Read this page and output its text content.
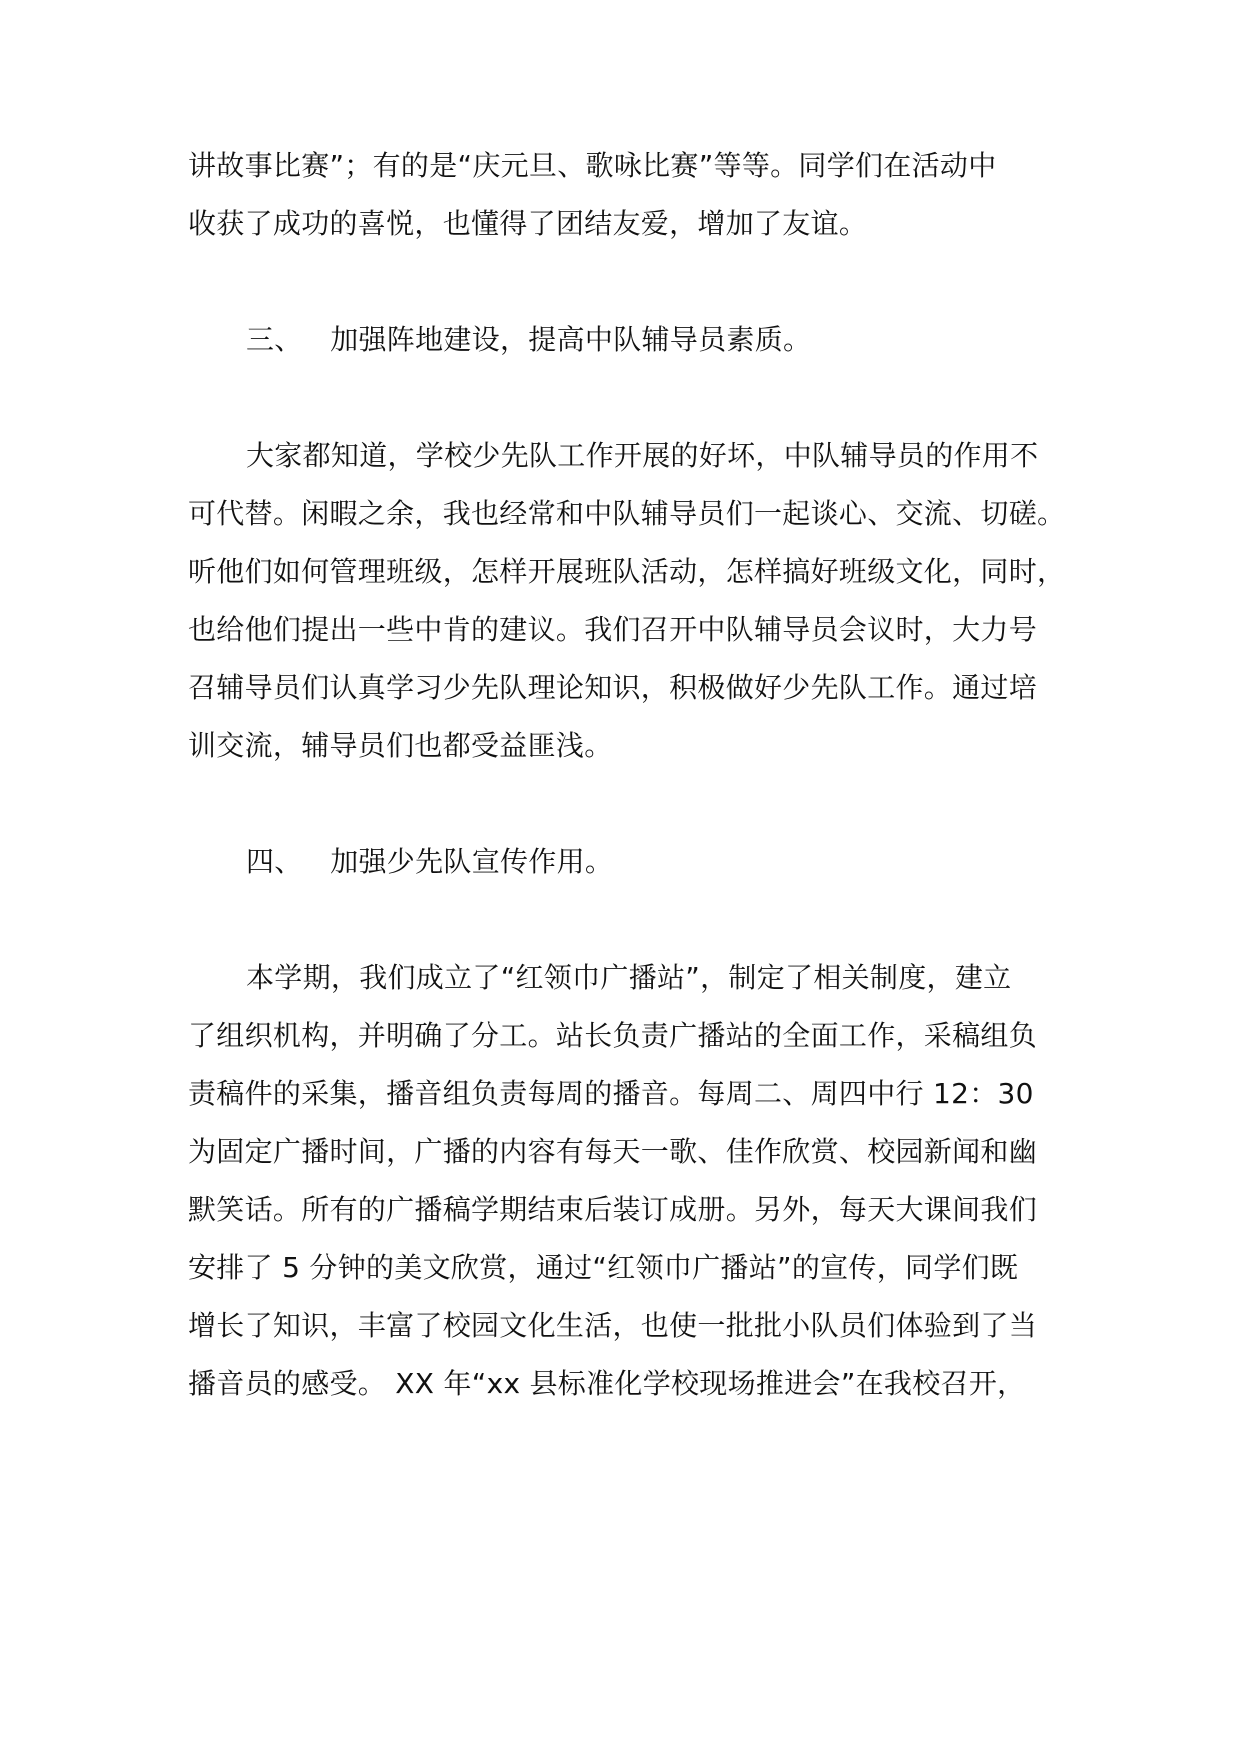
讲故事比赛”；有的是“庆元旦、歌咏比赛”等等。同学们在活动中
收获了成功的喜悦，也懂得了团结友爱，增加了友谊。
三、   加强阵地建设，提高中队辅导员素质。
大家都知道，学校少先队工作开展的好坏，中队辅导员的作用不
可代替。闲暇之余，我也经常和中队辅导员们一起谈心、交流、切磋。
听他们如何管理班级，怎样开展班队活动，怎样搞好班级文化，同时，
也给他们提出一些中肯的建议。我们召开中队辅导员会议时，大力号
召辅导员们认真学习少先队理论知识，积极做好少先队工作。通过培
训交流，辅导员们也都受益匪浅。
四、   加强少先队宣传作用。
本学期，我们成立了“红领巾广播站”，制定了相关制度，建立
了组织机构，并明确了分工。站长负责广播站的全面工作，采稿组负
责稿件的采集，播音组负责每周的播音。每周二、周四中行 12：30
为固定广播时间，广播的内容有每天一歌、佳作欣赏、校园新闻和幽
默笑话。所有的广播稿学期结束后装订成册。另外，每天大课间我们
安排了 5 分钟的美文欣赏，通过“红领巾广播站”的宣传，同学们既
增长了知识，丰富了校园文化生活，也使一批批小队员们体验到了当
播音员的感受。 XX 年“xx 县标准化学校现场推进会”在我校召开，
